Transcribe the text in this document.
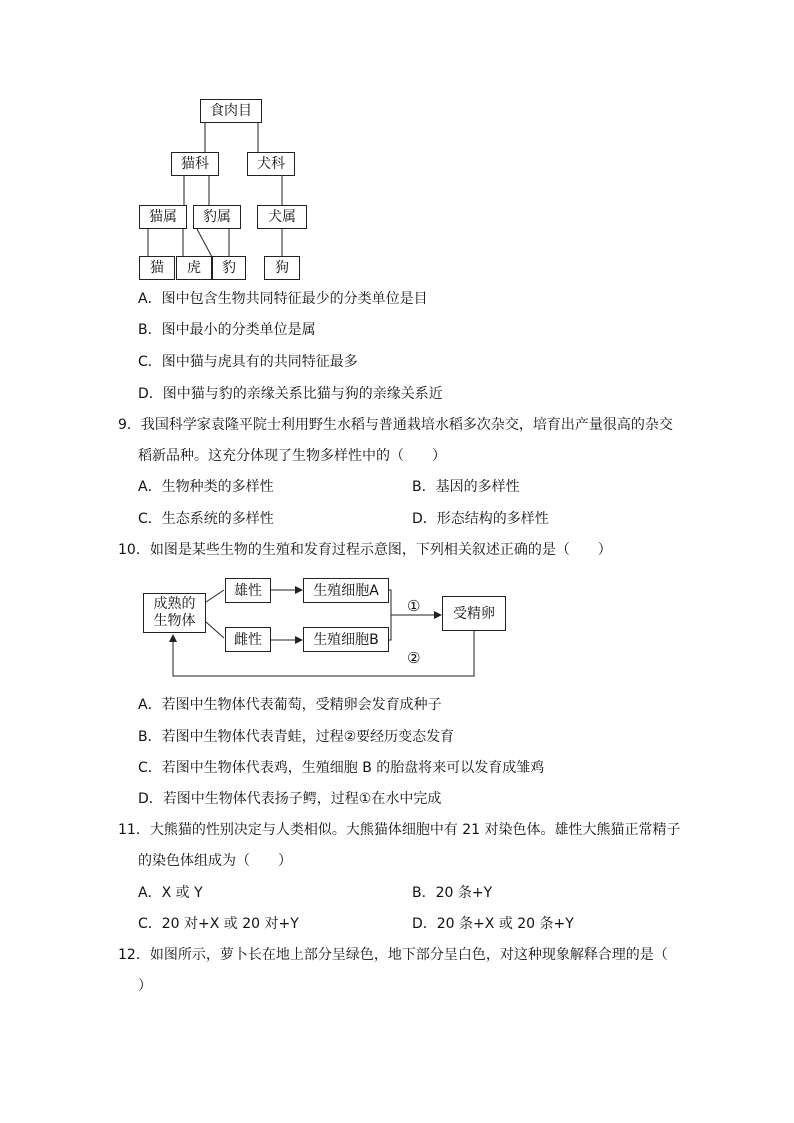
食肉目
猫科	犬科
猫属	豹属	犬属
猫	虎	豹	狗
A．图中包含生物共同特征最少的分类单位是目
B．图中最小的分类单位是属
C．图中猫与虎具有的共同特征最多
D．图中猫与豹的亲缘关系比猫与狗的亲缘关系近
9．我国科学家袁隆平院士利用野生水稻与普通栽培水稻多次杂交，培育出产量很高的杂交
稻新品种。这充分体现了生物多样性中的（　　）
A．生物种类的多样性	B．基因的多样性
C．生态系统的多样性	D．形态结构的多样性
10．如图是某些生物的生殖和发育过程示意图，下列相关叙述正确的是（　　）
成熟的
生物体
雄性
雌性
生殖细胞A
生殖细胞B
受精卵
①
②
A．若图中生物体代表葡萄，受精卵会发育成种子
B．若图中生物体代表青蛙，过程②要经历变态发育
C．若图中生物体代表鸡，生殖细胞 B 的胎盘将来可以发育成雏鸡
D．若图中生物体代表扬子鳄，过程①在水中完成
11．大熊猫的性别决定与人类相似。大熊猫体细胞中有 21 对染色体。雄性大熊猫正常精子
的染色体组成为（　　）
A．X 或 Y	B．20 条+Y
C．20 对+X 或 20 对+Y	D．20 条+X 或 20 条+Y
12．如图所示，萝卜长在地上部分呈绿色，地下部分呈白色，对这种现象解释合理的是（
）
